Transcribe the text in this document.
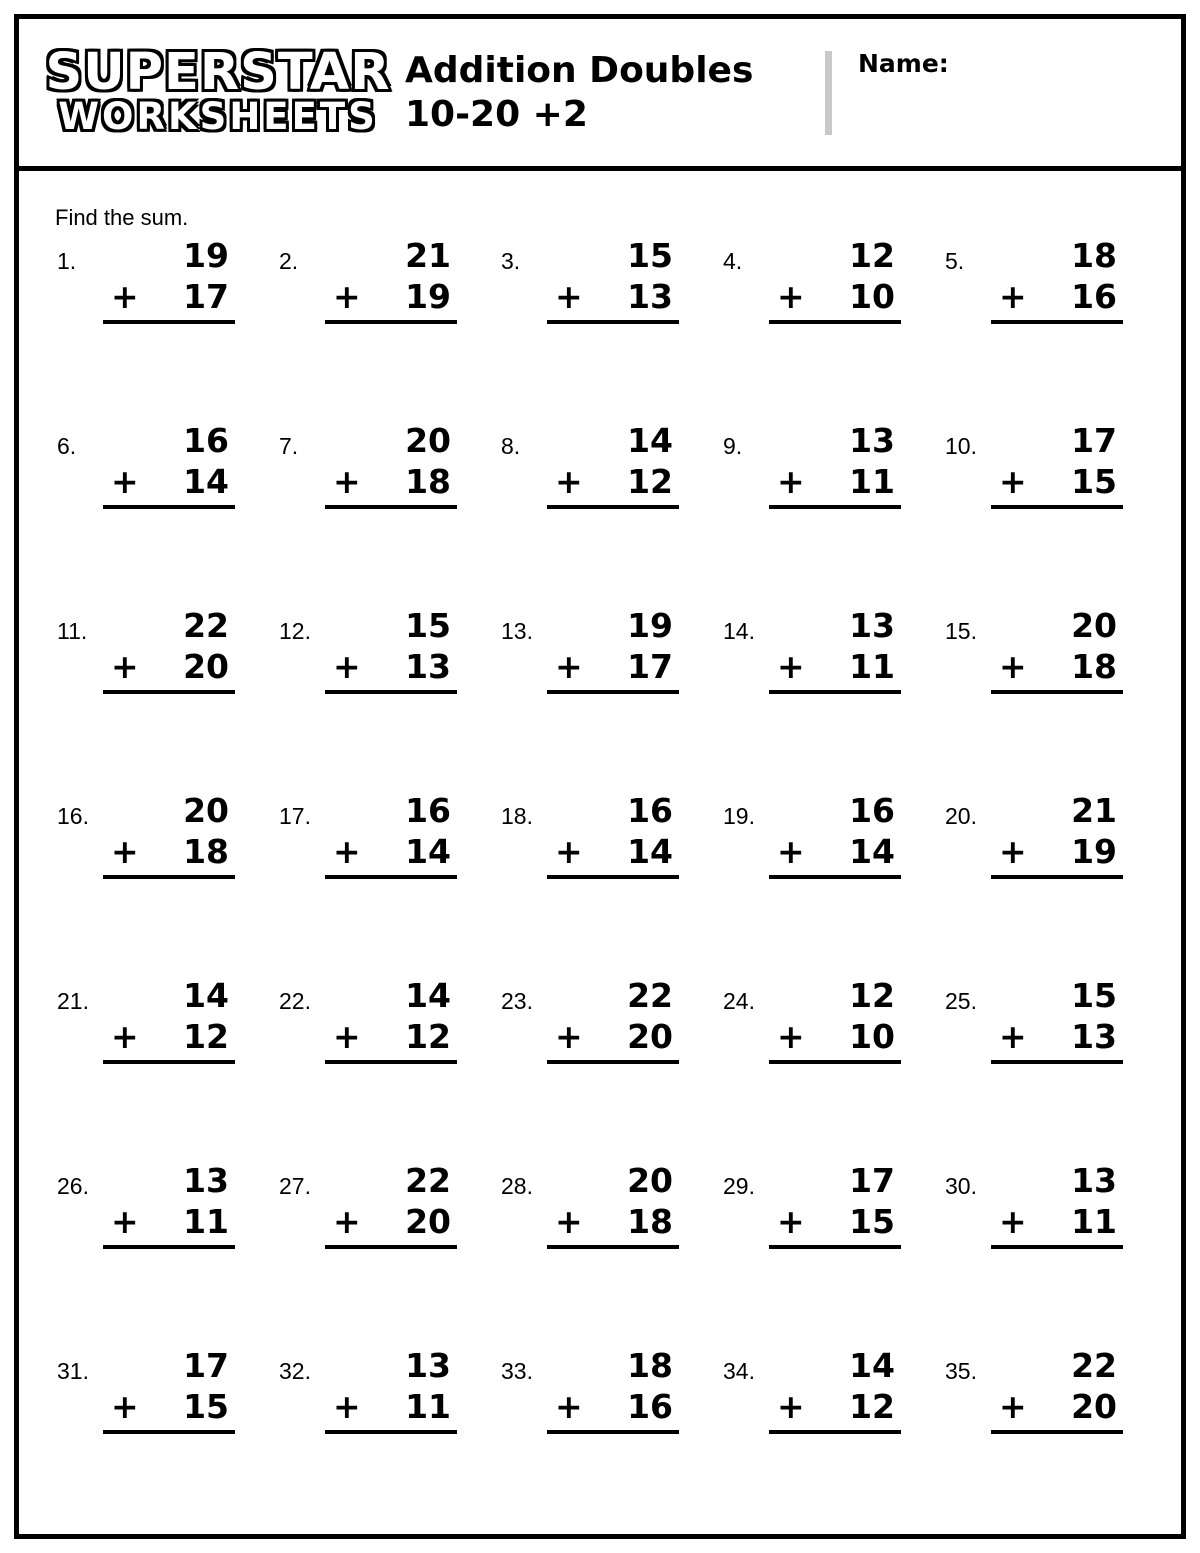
SUPERSTAR
WORKSHEETS
Addition Doubles
10-20 +2
Name:
Find the sum.
1.	19
+ 17
2.	21
+ 19
3.	15
+ 13
4.	12
+ 10
5.	18
+ 16
6.	16
+ 14
7.	20
+ 18
8.	14
+ 12
9.	13
+ 11
10.	17
+ 15
11.	22
+ 20
12.	15
+ 13
13.	19
+ 17
14.	13
+ 11
15.	20
+ 18
16.	20
+ 18
17.	16
+ 14
18.	16
+ 14
19.	16
+ 14
20.	21
+ 19
21.	14
+ 12
22.	14
+ 12
23.	22
+ 20
24.	12
+ 10
25.	15
+ 13
26.	13
+ 11
27.	22
+ 20
28.	20
+ 18
29.	17
+ 15
30.	13
+ 11
31.	17
+ 15
32.	13
+ 11
33.	18
+ 16
34.	14
+ 12
35.	22
+ 20
